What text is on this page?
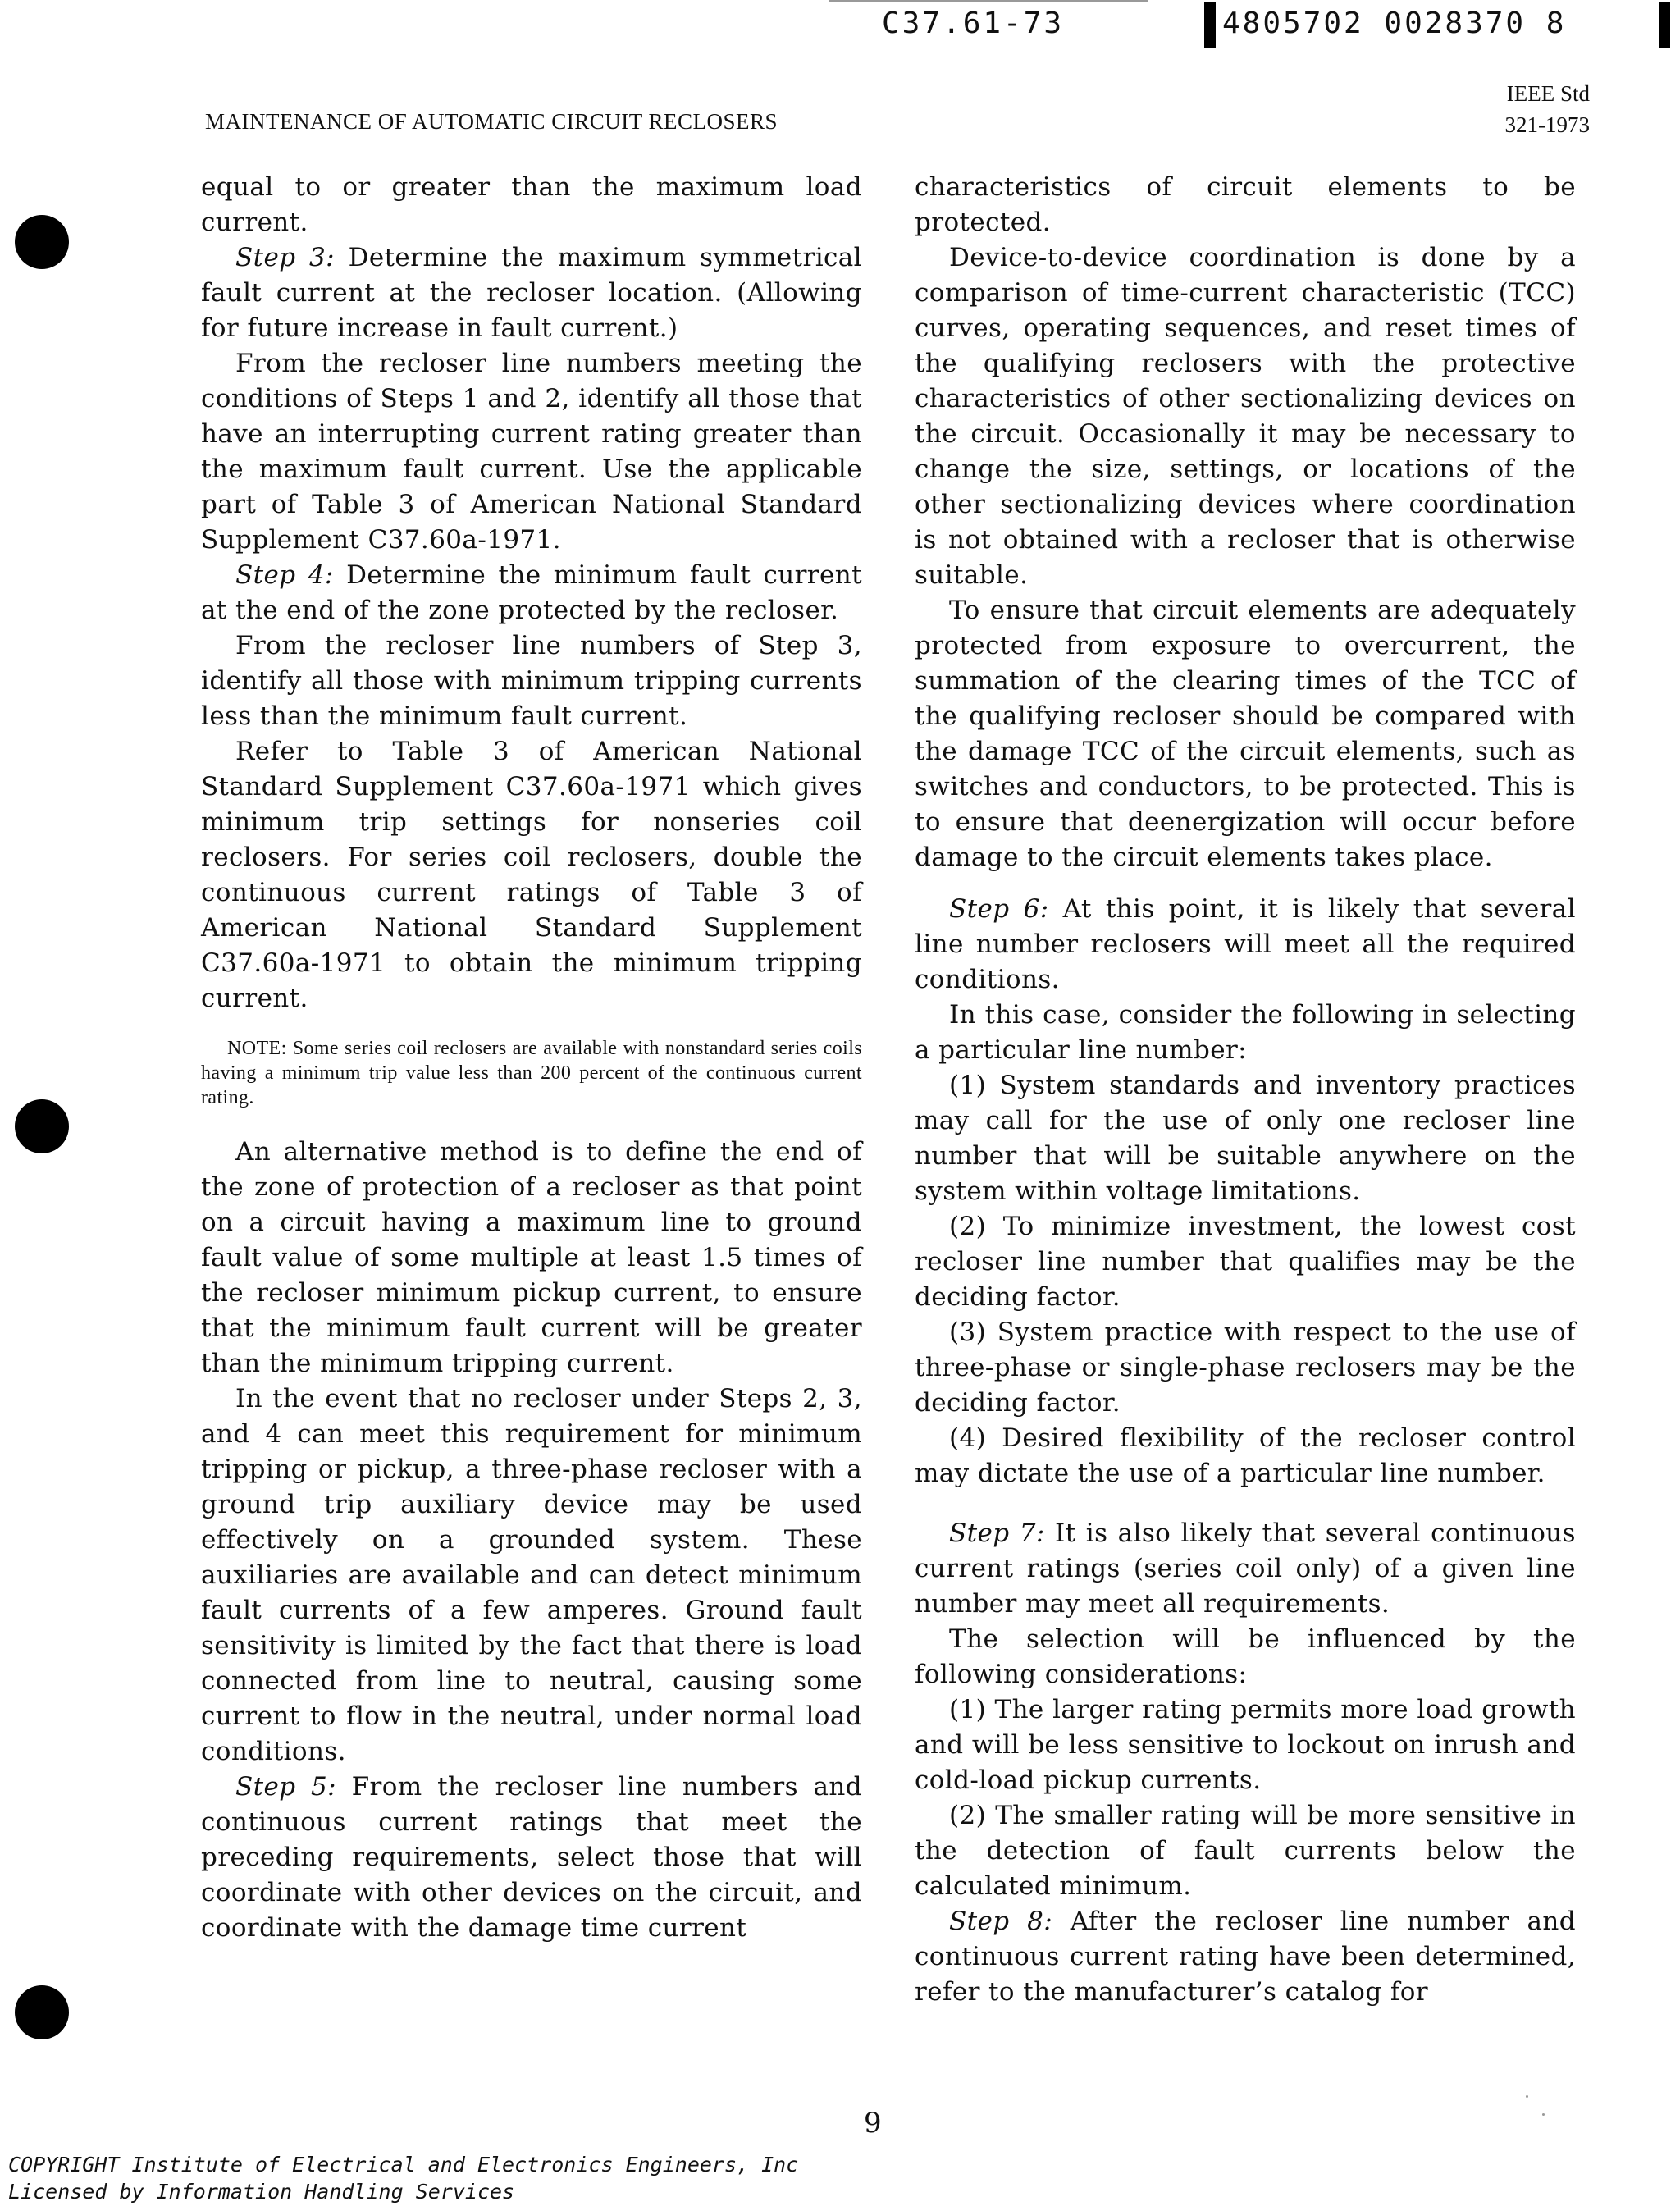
C37.61-73	4805702 0028370 8
MAINTENANCE OF AUTOMATIC CIRCUIT RECLOSERS
IEEE Std
321-1973

equal to or greater than the maximum load current.

Step 3: Determine the maximum symmetrical fault current at the recloser location. (Allowing for future increase in fault current.)

From the recloser line numbers meeting the conditions of Steps 1 and 2, identify all those that have an interrupting current rating greater than the maximum fault current. Use the applicable part of Table 3 of American National Standard Supplement C37.60a-1971.

Step 4: Determine the minimum fault current at the end of the zone protected by the recloser.

From the recloser line numbers of Step 3, identify all those with minimum tripping currents less than the minimum fault current.

Refer to Table 3 of American National Standard Supplement C37.60a-1971 which gives minimum trip settings for nonseries coil reclosers. For series coil reclosers, double the continuous current ratings of Table 3 of American National Standard Supplement C37.60a-1971 to obtain the minimum tripping current.

NOTE: Some series coil reclosers are available with nonstandard series coils having a minimum trip value less than 200 percent of the continuous current rating.

An alternative method is to define the end of the zone of protection of a recloser as that point on a circuit having a maximum line to ground fault value of some multiple at least 1.5 times of the recloser minimum pickup current, to ensure that the minimum fault current will be greater than the minimum tripping current.

In the event that no recloser under Steps 2, 3, and 4 can meet this requirement for minimum tripping or pickup, a three-phase recloser with a ground trip auxiliary device may be used effectively on a grounded system. These auxiliaries are available and can detect minimum fault currents of a few amperes. Ground fault sensitivity is limited by the fact that there is load connected from line to neutral, causing some current to flow in the neutral, under normal load conditions.

Step 5: From the recloser line numbers and continuous current ratings that meet the preceding requirements, select those that will coordinate with other devices on the circuit, and coordinate with the damage time current

characteristics of circuit elements to be protected.

Device-to-device coordination is done by a comparison of time-current characteristic (TCC) curves, operating sequences, and reset times of the qualifying reclosers with the protective characteristics of other sectionalizing devices on the circuit. Occasionally it may be necessary to change the size, settings, or locations of the other sectionalizing devices where coordination is not obtained with a recloser that is otherwise suitable.

To ensure that circuit elements are adequately protected from exposure to overcurrent, the summation of the clearing times of the TCC of the qualifying recloser should be compared with the damage TCC of the circuit elements, such as switches and conductors, to be protected. This is to ensure that deenergization will occur before damage to the circuit elements takes place.

Step 6: At this point, it is likely that several line number reclosers will meet all the required conditions.

In this case, consider the following in selecting a particular line number:

(1) System standards and inventory practices may call for the use of only one recloser line number that will be suitable anywhere on the system within voltage limitations.

(2) To minimize investment, the lowest cost recloser line number that qualifies may be the deciding factor.

(3) System practice with respect to the use of three-phase or single-phase reclosers may be the deciding factor.

(4) Desired flexibility of the recloser control may dictate the use of a particular line number.

Step 7: It is also likely that several continuous current ratings (series coil only) of a given line number may meet all requirements.

The selection will be influenced by the following considerations:

(1) The larger rating permits more load growth and will be less sensitive to lockout on inrush and cold-load pickup currents.

(2) The smaller rating will be more sensitive in the detection of fault currents below the calculated minimum.

Step 8: After the recloser line number and continuous current rating have been determined, refer to the manufacturer’s catalog for

9
COPYRIGHT Institute of Electrical and Electronics Engineers, Inc
Licensed by Information Handling Services
